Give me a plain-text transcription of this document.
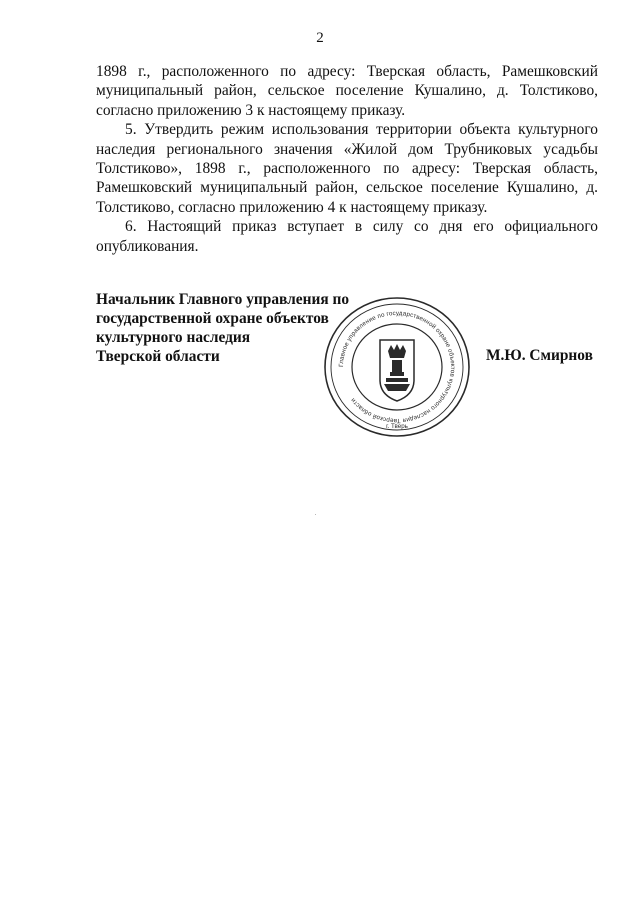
2

1898 г., расположенного по адресу: Тверская область, Рамешковский муниципальный район, сельское поселение Кушалино, д. Толстиково, согласно приложению 3 к настоящему приказу.

5. Утвердить режим использования территории объекта культурного наследия регионального значения «Жилой дом Трубниковых усадьбы Толстиково», 1898 г., расположенного по адресу: Тверская область, Рамешковский муниципальный район, сельское поселение Кушалино, д. Толстиково, согласно приложению 4 к настоящему приказу.

6. Настоящий приказ вступает в силу со дня его официального опубликования.

Начальник Главного управления по
государственной охране объектов
культурного наследия
Тверской области
Главное управление по государственной охране объектов культурного наследия Тверской области
г. Тверь
М.Ю. Смирнов
